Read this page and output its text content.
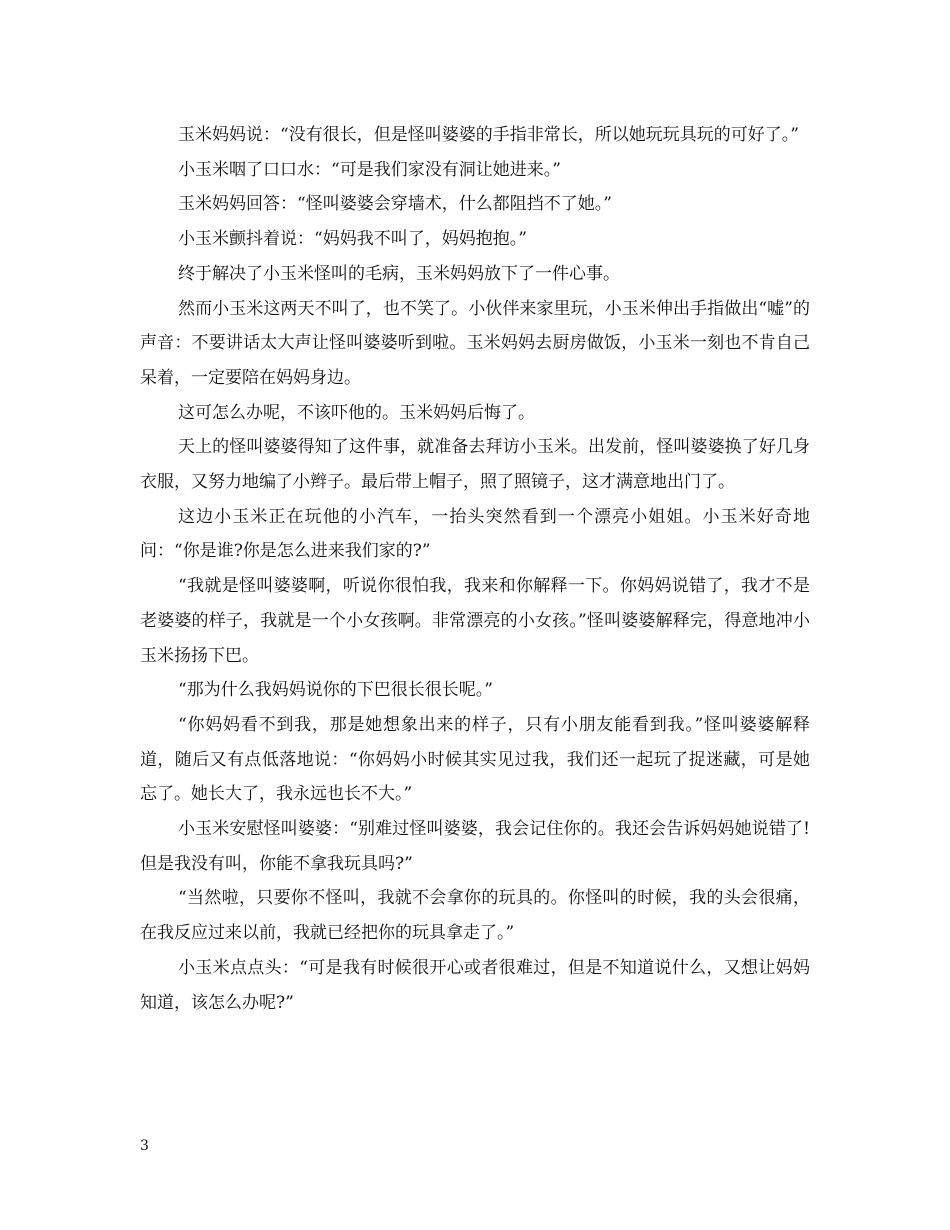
玉米妈妈说：“没有很长，但是怪叫婆婆的手指非常长，所以她玩玩具玩的可好了。”

小玉米咽了口口水：“可是我们家没有洞让她进来。”

玉米妈妈回答：“怪叫婆婆会穿墙术，什么都阻挡不了她。”

小玉米颤抖着说：“妈妈我不叫了，妈妈抱抱。”

终于解决了小玉米怪叫的毛病，玉米妈妈放下了一件心事。

然而小玉米这两天不叫了，也不笑了。小伙伴来家里玩，小玉米伸出手指做出“嘘”的声音：不要讲话太大声让怪叫婆婆听到啦。玉米妈妈去厨房做饭，小玉米一刻也不肯自己呆着，一定要陪在妈妈身边。

这可怎么办呢，不该吓他的。玉米妈妈后悔了。

天上的怪叫婆婆得知了这件事，就准备去拜访小玉米。出发前，怪叫婆婆换了好几身衣服，又努力地编了小辫子。最后带上帽子，照了照镜子，这才满意地出门了。

这边小玉米正在玩他的小汽车，一抬头突然看到一个漂亮小姐姐。小玉米好奇地问：“你是谁?你是怎么进来我们家的?”

“我就是怪叫婆婆啊，听说你很怕我，我来和你解释一下。你妈妈说错了，我才不是老婆婆的样子，我就是一个小女孩啊。非常漂亮的小女孩。”怪叫婆婆解释完，得意地冲小玉米扬扬下巴。

“那为什么我妈妈说你的下巴很长很长呢。”

“你妈妈看不到我，那是她想象出来的样子，只有小朋友能看到我。”怪叫婆婆解释道，随后又有点低落地说：“你妈妈小时候其实见过我，我们还一起玩了捉迷藏，可是她忘了。她长大了，我永远也长不大。”

小玉米安慰怪叫婆婆：“别难过怪叫婆婆，我会记住你的。我还会告诉妈妈她说错了!但是我没有叫，你能不拿我玩具吗?”

“当然啦，只要你不怪叫，我就不会拿你的玩具的。你怪叫的时候，我的头会很痛，在我反应过来以前，我就已经把你的玩具拿走了。”

小玉米点点头：“可是我有时候很开心或者很难过，但是不知道说什么，又想让妈妈知道，该怎么办呢?”

3
